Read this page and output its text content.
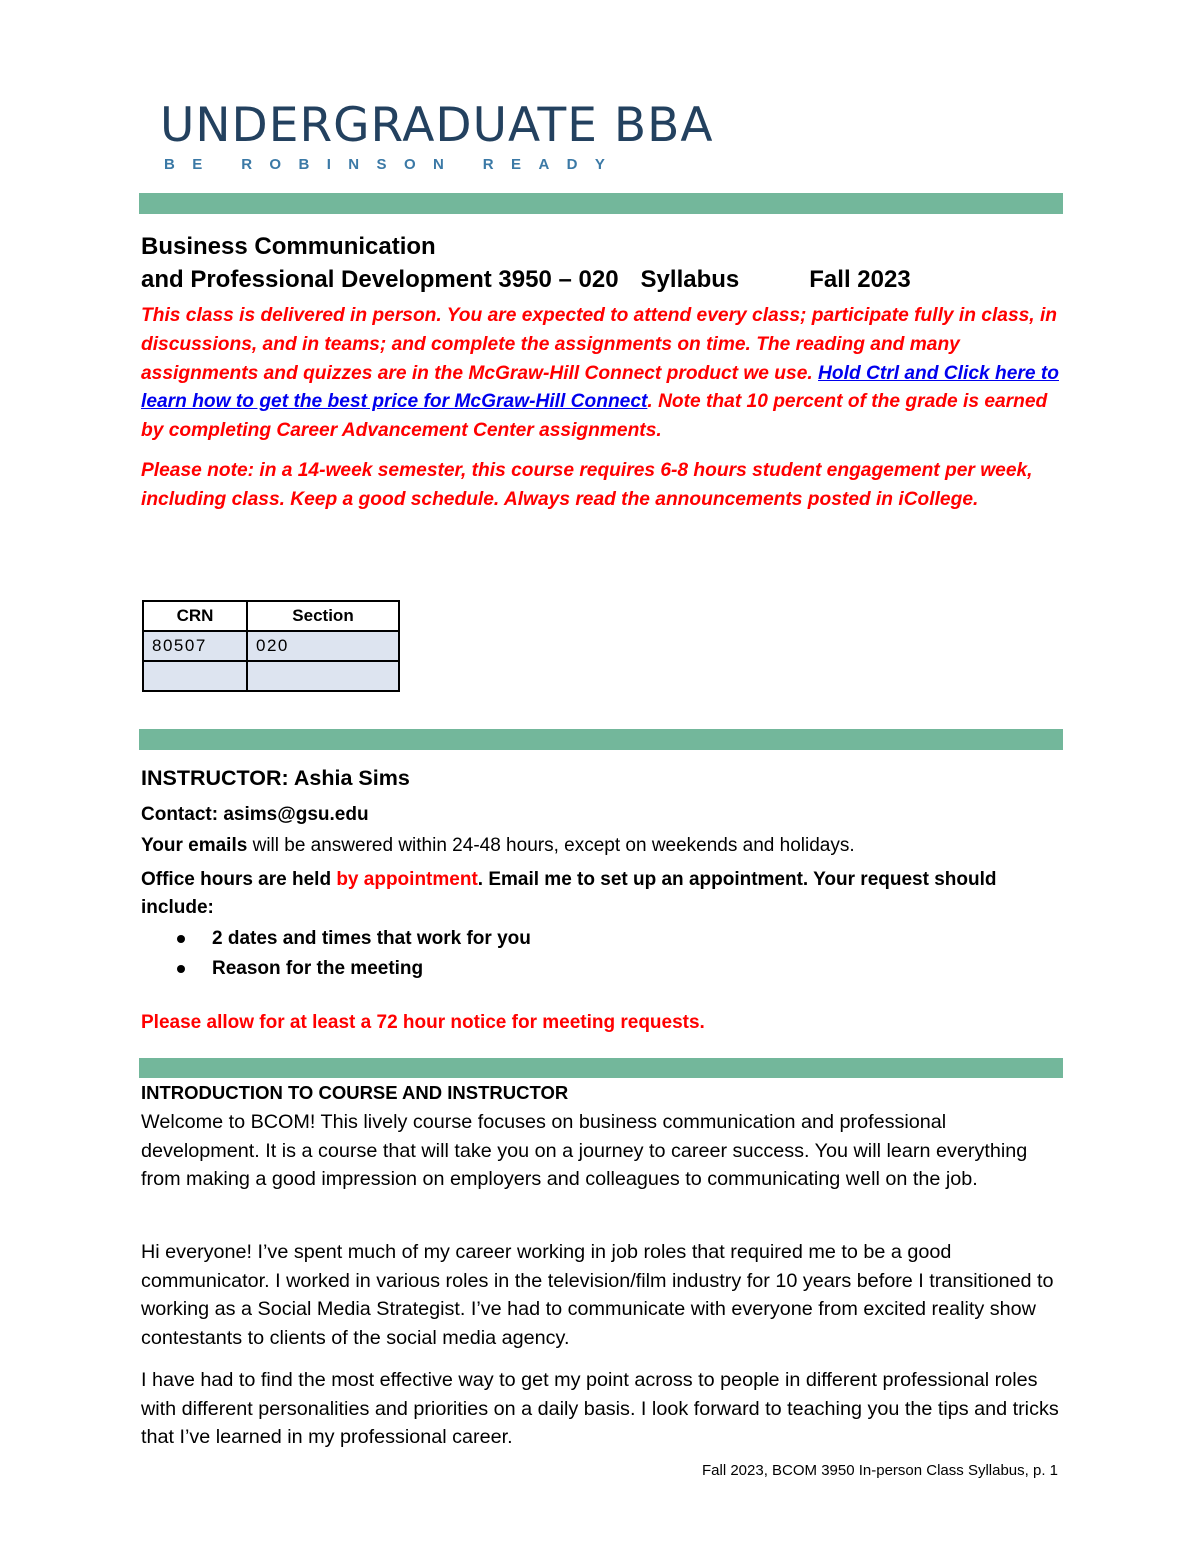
UNDERGRADUATE BBA
BE ROBINSON READY
Business Communication
and Professional Development 3950 – 020 Syllabus	Fall 2023

This class is delivered in person. You are expected to attend every class; participate fully in class, in discussions, and in teams; and complete the assignments on time. The reading and many assignments and quizzes are in the McGraw-Hill Connect product we use. Hold Ctrl and Click here to learn how to get the best price for McGraw-Hill Connect. Note that 10 percent of the grade is earned by completing Career Advancement Center assignments.

Please note: in a 14-week semester, this course requires 6-8 hours student engagement per week, including class. Keep a good schedule. Always read the announcements posted in iCollege.

CRN	Section
80507	020

INSTRUCTOR: Ashia Sims

Contact: asims@gsu.edu

Your emails will be answered within 24-48 hours, except on weekends and holidays.

Office hours are held by appointment. Email me to set up an appointment. Your request should include:

2 dates and times that work for you
Reason for the meeting

Please allow for at least a 72 hour notice for meeting requests.

INTRODUCTION TO COURSE AND INSTRUCTOR

Welcome to BCOM! This lively course focuses on business communication and professional development. It is a course that will take you on a journey to career success. You will learn everything from making a good impression on employers and colleagues to communicating well on the job.

Hi everyone! I’ve spent much of my career working in job roles that required me to be a good communicator. I worked in various roles in the television/film industry for 10 years before I transitioned to working as a Social Media Strategist. I’ve had to communicate with everyone from excited reality show contestants to clients of the social media agency.

I have had to find the most effective way to get my point across to people in different professional roles with different personalities and priorities on a daily basis. I look forward to teaching you the tips and tricks that I’ve learned in my professional career.

Fall 2023, BCOM 3950 In-person Class Syllabus, p. 1
